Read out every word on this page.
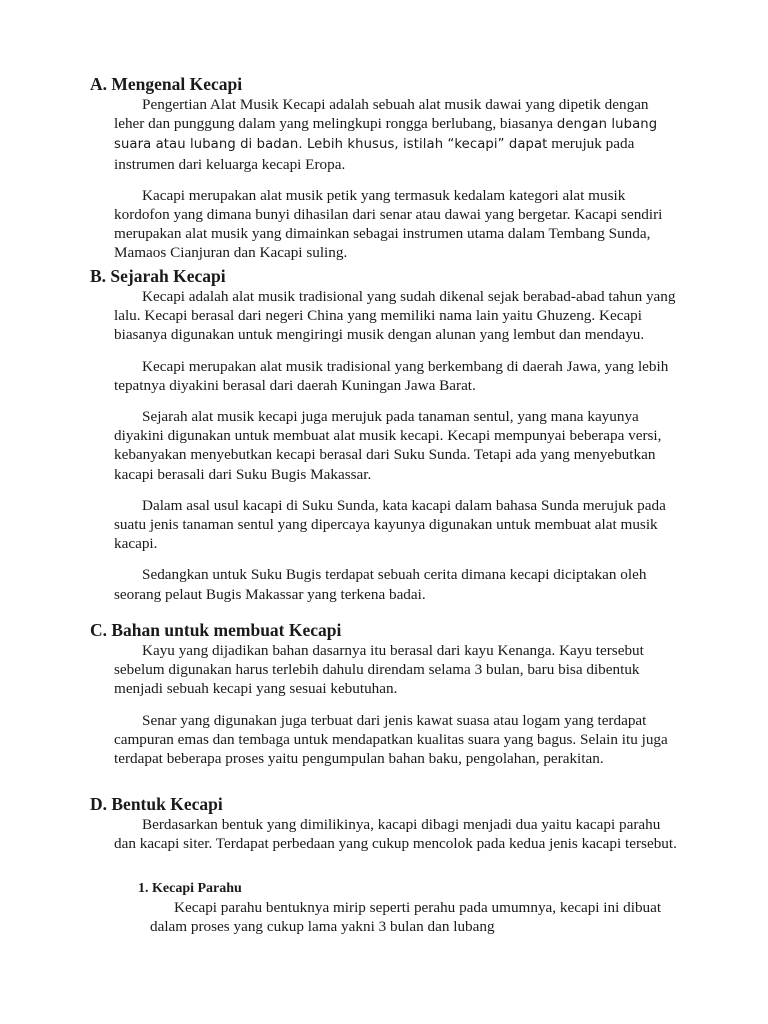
A. Mengenal Kecapi

Pengertian Alat Musik Kecapi adalah sebuah alat musik dawai yang dipetik dengan leher dan punggung dalam yang melingkupi rongga berlubang, biasanya dengan lubang suara atau lubang di badan. Lebih khusus, istilah “kecapi” dapat merujuk pada instrumen dari keluarga kecapi Eropa.

Kacapi merupakan alat musik petik yang termasuk kedalam kategori alat musik kordofon yang dimana bunyi dihasilan dari senar atau dawai yang bergetar. Kacapi sendiri merupakan alat musik yang dimainkan sebagai instrumen utama dalam Tembang Sunda, Mamaos Cianjuran dan Kacapi suling.

B. Sejarah Kecapi

Kecapi adalah alat musik tradisional yang sudah dikenal sejak berabad-abad tahun yang lalu. Kecapi berasal dari negeri China yang memiliki nama lain yaitu Ghuzeng. Kecapi biasanya digunakan untuk mengiringi musik dengan alunan yang lembut dan mendayu.

Kecapi merupakan alat musik tradisional yang berkembang di daerah Jawa, yang lebih tepatnya diyakini berasal dari daerah Kuningan Jawa Barat.

Sejarah alat musik kecapi juga merujuk pada tanaman sentul, yang mana kayunya diyakini digunakan untuk membuat alat musik kecapi. Kecapi mempunyai beberapa versi, kebanyakan menyebutkan kecapi berasal dari Suku Sunda. Tetapi ada yang menyebutkan kacapi berasali dari Suku Bugis Makassar.

Dalam asal usul kacapi di Suku Sunda, kata kacapi dalam bahasa Sunda merujuk pada suatu jenis tanaman sentul yang dipercaya kayunya digunakan untuk membuat alat musik kacapi.

Sedangkan untuk Suku Bugis terdapat sebuah cerita dimana kecapi diciptakan oleh seorang pelaut Bugis Makassar yang terkena badai.

C. Bahan untuk membuat Kecapi

Kayu yang dijadikan bahan dasarnya itu berasal dari kayu Kenanga. Kayu tersebut sebelum digunakan harus terlebih dahulu direndam selama 3 bulan, baru bisa dibentuk menjadi sebuah kecapi yang sesuai kebutuhan.

Senar yang digunakan juga terbuat dari jenis kawat suasa atau logam yang terdapat campuran emas dan tembaga untuk mendapatkan kualitas suara yang bagus. Selain itu juga terdapat beberapa proses yaitu pengumpulan bahan baku, pengolahan, perakitan.

D. Bentuk Kecapi

Berdasarkan bentuk yang dimilikinya, kacapi dibagi menjadi dua yaitu kacapi parahu dan kacapi siter. Terdapat perbedaan yang cukup mencolok pada kedua jenis kacapi tersebut.

1. Kecapi Parahu

Kecapi parahu bentuknya mirip seperti perahu pada umumnya, kecapi ini dibuat dalam proses yang cukup lama yakni 3 bulan dan lubang
